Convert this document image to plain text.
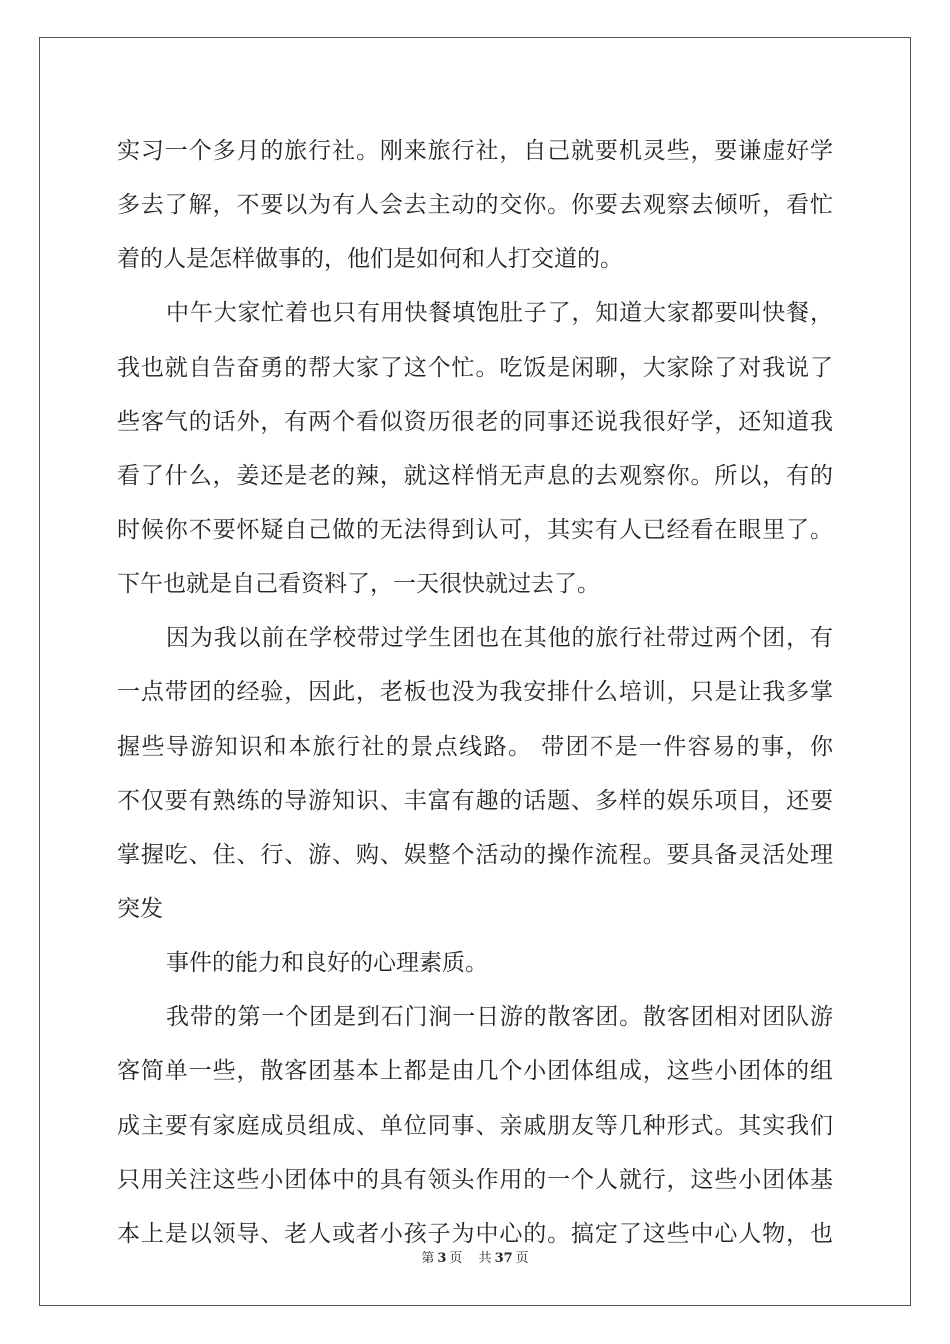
实习一个多月的旅行社。刚来旅行社，自己就要机灵些，要谦虚好学
多去了解，不要以为有人会去主动的交你。你要去观察去倾听，看忙
着的人是怎样做事的，他们是如何和人打交道的。
中午大家忙着也只有用快餐填饱肚子了，知道大家都要叫快餐，
我也就自告奋勇的帮大家了这个忙。吃饭是闲聊，大家除了对我说了
些客气的话外，有两个看似资历很老的同事还说我很好学，还知道我
看了什么，姜还是老的辣，就这样悄无声息的去观察你。所以，有的
时候你不要怀疑自己做的无法得到认可，其实有人已经看在眼里了。
下午也就是自己看资料了，一天很快就过去了。
因为我以前在学校带过学生团也在其他的旅行社带过两个团，有
一点带团的经验，因此，老板也没为我安排什么培训，只是让我多掌
握些导游知识和本旅行社的景点线路。 带团不是一件容易的事，你
不仅要有熟练的导游知识、丰富有趣的话题、多样的娱乐项目，还要
掌握吃、住、行、游、购、娱整个活动的操作流程。要具备灵活处理
突发
事件的能力和良好的心理素质。
我带的第一个团是到石门涧一日游的散客团。散客团相对团队游
客简单一些，散客团基本上都是由几个小团体组成，这些小团体的组
成主要有家庭成员组成、单位同事、亲戚朋友等几种形式。其实我们
只用关注这些小团体中的具有领头作用的一个人就行，这些小团体基
本上是以领导、老人或者小孩子为中心的。搞定了这些中心人物，也
第 3 页 共 37 页
